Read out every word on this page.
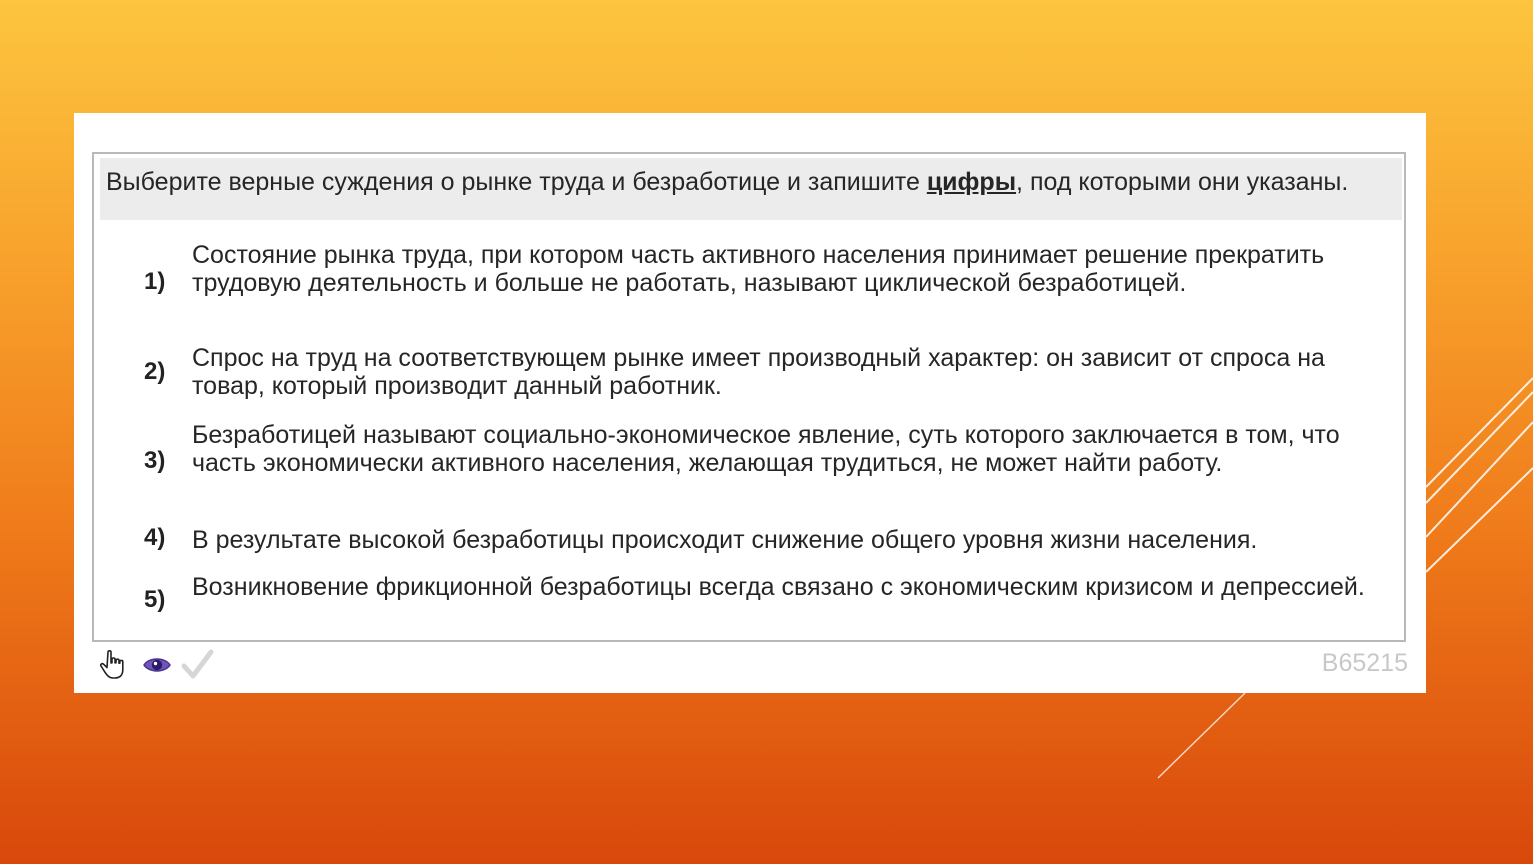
Выберите верные суждения о рынке труда и безработице и запишите цифры, под которыми они указаны.
1)
Состояние рынка труда, при котором часть активного населения принимает решение прекратить трудовую деятельность и больше не работать, называют циклической безработицей.
2)	Спрос на труд на соответствующем рынке имеет производный характер: он зависит от спроса на товар, который производит данный работник.
3)
Безработицей называют социально-экономическое явление, суть которого заключается в том, что часть экономически активного населения, желающая трудиться, не может найти работу.
4)	В результате высокой безработицы происходит снижение общего уровня жизни населения.
5)	Возникновение фрикционной безработицы всегда связано с экономическим кризисом и депрессией.
B65215
